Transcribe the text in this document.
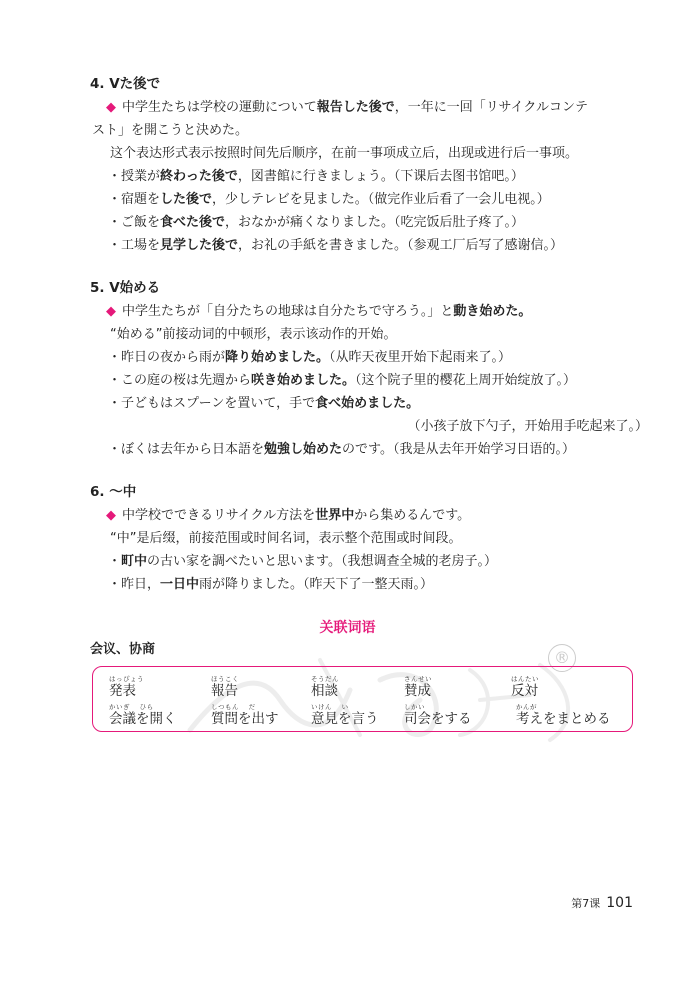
4. Vた後で
◆ 中学生たちは学校の運動について報告した後で，一年に一回「リサイクルコンテ
スト」を開こうと決めた。
这个表达形式表示按照时间先后顺序，在前一事项成立后，出现或进行后一事项。
・授業が終わった後で，図書館に行きましょう。（下课后去图书馆吧。）
・宿題をした後で，少しテレビを見ました。（做完作业后看了一会儿电视。）
・ご飯を食べた後で，おなかが痛くなりました。（吃完饭后肚子疼了。）
・工場を見学した後で，お礼の手紙を書きました。（参观工厂后写了感谢信。）
5. V始める
◆ 中学生たちが「自分たちの地球は自分たちで守ろう。」と動き始めた。
“始める”前接动词的中顿形，表示该动作的开始。
・昨日の夜から雨が降り始めました。（从昨天夜里开始下起雨来了。）
・この庭の桜は先週から咲き始めました。（这个院子里的樱花上周开始绽放了。）
・子どもはスプーンを置いて，手で食べ始めました。
（小孩子放下勺子，开始用手吃起来了。）
・ぼくは去年から日本語を勉強し始めたのです。（我是从去年开始学习日语的。）
6. ～中
◆ 中学校でできるリサイクル方法を世界中から集めるんです。
“中”是后缀，前接范围或时间名词，表示整个范围或时间段。
・町中の古い家を調べたいと思います。（我想调查全城的老房子。）
・昨日，一日中雨が降りました。（昨天下了一整天雨。）
®
关联词语
会议、协商
はっぴょう
発表
ほうこく
報告
そうだん
相談
さんせい
賛成
はんたい
反対
かいぎ　 ひら
会議を開く
しつもん　 だ
質問を出す
いけん　 い
意見を言う
しかい
司会をする
かんが
考えをまとめる
第7课 101
